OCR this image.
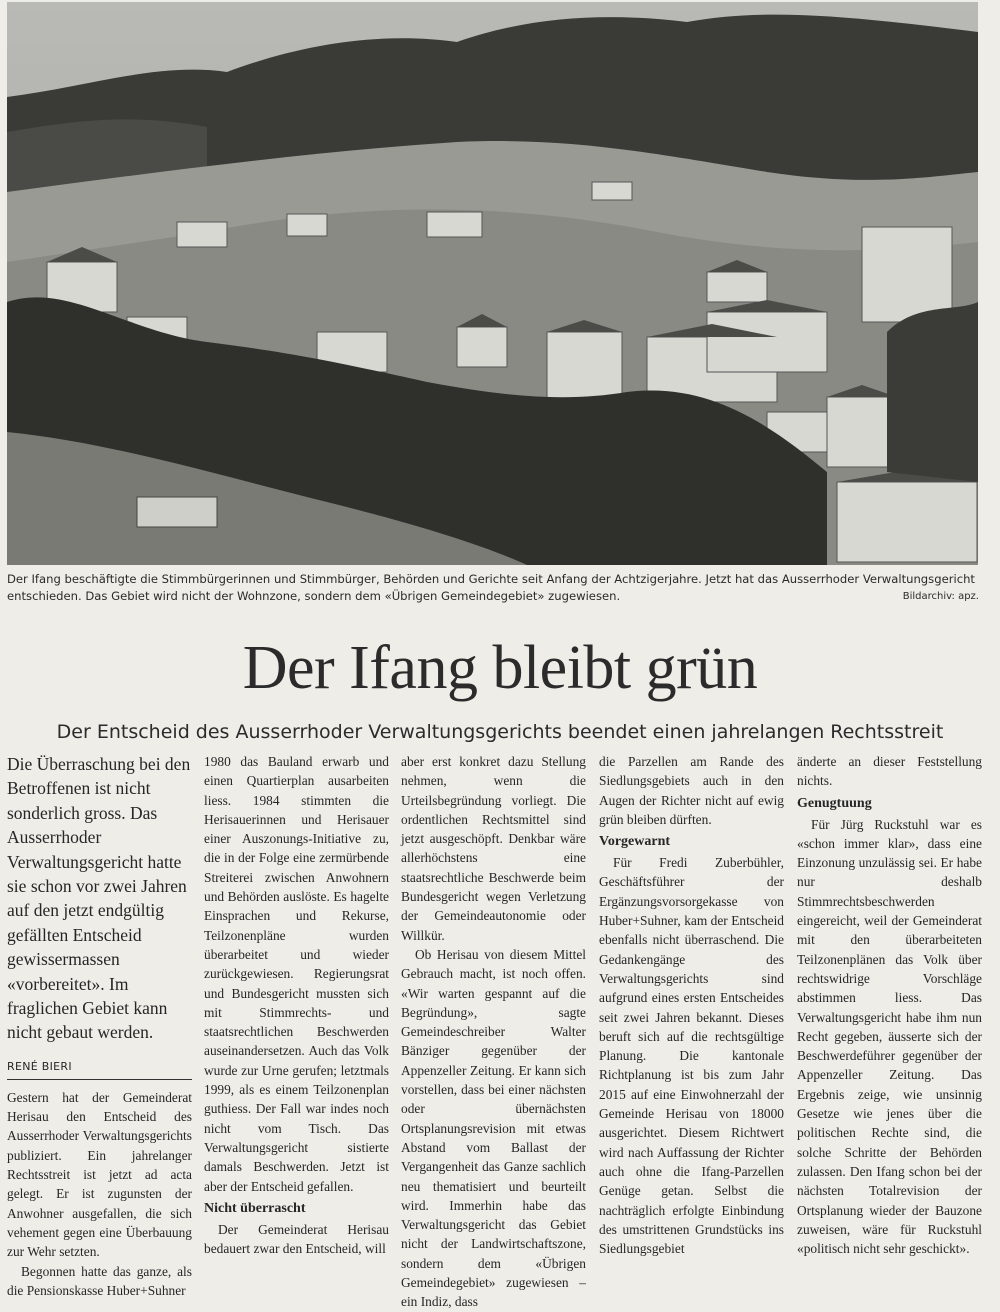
Der Ifang beschäftigte die Stimmbürgerinnen und Stimmbürger, Behörden und Gerichte seit Anfang der Achtzigerjahre. Jetzt hat das Ausserrhoder Verwaltungsgericht entschieden. Das Gebiet wird nicht der Wohnzone, sondern dem «Übrigen Gemeindegebiet» zugewiesen.	Bildarchiv: apz.
Der Ifang bleibt grün
Der Entscheid des Ausserrhoder Verwaltungsgerichts beendet einen jahrelangen Rechtsstreit

Die Überraschung bei den Betroffenen ist nicht sonderlich gross. Das Ausserrhoder Verwaltungsgericht hatte sie schon vor zwei Jahren auf den jetzt endgültig gefällten Entscheid gewissermassen «vorbereitet». Im fraglichen Gebiet kann nicht gebaut werden.

RENÉ BIERI

Gestern hat der Gemeinderat Herisau den Entscheid des Ausserrhoder Verwaltungsgerichts publiziert. Ein jahrelanger Rechtsstreit ist jetzt ad acta gelegt. Er ist zugunsten der Anwohner ausgefallen, die sich vehement gegen eine Überbauung zur Wehr setzten.

Begonnen hatte das ganze, als die Pensionskasse Huber+Suhner

1980 das Bauland erwarb und einen Quartierplan ausarbeiten liess. 1984 stimmten die Herisauerinnen und Herisauer einer Auszonungs-Initiative zu, die in der Folge eine zermürbende Streiterei zwischen Anwohnern und Behörden auslöste. Es hagelte Einsprachen und Rekurse, Teilzonenpläne wurden überarbeitet und wieder zurückgewiesen. Regierungsrat und Bundesgericht mussten sich mit Stimmrechts- und staatsrechtlichen Beschwerden auseinandersetzen. Auch das Volk wurde zur Urne gerufen; letztmals 1999, als es einem Teilzonenplan guthiess. Der Fall war indes noch nicht vom Tisch. Das Verwaltungsgericht sistierte damals Beschwerden. Jetzt ist aber der Entscheid gefallen.

Nicht überrascht

Der Gemeinderat Herisau bedauert zwar den Entscheid, will

aber erst konkret dazu Stellung nehmen, wenn die Urteilsbegründung vorliegt. Die ordentlichen Rechtsmittel sind jetzt ausgeschöpft. Denkbar wäre allerhöchstens eine staatsrechtliche Beschwerde beim Bundesgericht wegen Verletzung der Gemeindeautonomie oder Willkür.

Ob Herisau von diesem Mittel Gebrauch macht, ist noch offen. «Wir warten gespannt auf die Begründung», sagte Gemeindeschreiber Walter Bänziger gegenüber der Appenzeller Zeitung. Er kann sich vorstellen, dass bei einer nächsten oder übernächsten Ortsplanungsrevision mit etwas Abstand vom Ballast der Vergangenheit das Ganze sachlich neu thematisiert und beurteilt wird. Immerhin habe das Verwaltungsgericht das Gebiet nicht der Landwirtschaftszone, sondern dem «Übrigen Gemeindegebiet» zugewiesen – ein Indiz, dass

die Parzellen am Rande des Siedlungsgebiets auch in den Augen der Richter nicht auf ewig grün bleiben dürften.

Vorgewarnt

Für Fredi Zuberbühler, Geschäftsführer der Ergänzungsvorsorgekasse von Huber+Suhner, kam der Entscheid ebenfalls nicht überraschend. Die Gedankengänge des Verwaltungsgerichts sind aufgrund eines ersten Entscheides seit zwei Jahren bekannt. Dieses beruft sich auf die rechtsgültige Planung. Die kantonale Richtplanung ist bis zum Jahr 2015 auf eine Einwohnerzahl der Gemeinde Herisau von 18000 ausgerichtet. Diesem Richtwert wird nach Auffassung der Richter auch ohne die Ifang-Parzellen Genüge getan. Selbst die nachträglich erfolgte Einbindung des umstrittenen Grundstücks ins Siedlungsgebiet

änderte an dieser Feststellung nichts.

Genugtuung

Für Jürg Ruckstuhl war es «schon immer klar», dass eine Einzonung unzulässig sei. Er habe nur deshalb Stimmrechtsbeschwerden eingereicht, weil der Gemeinderat mit den überarbeiteten Teilzonenplänen das Volk über rechtswidrige Vorschläge abstimmen liess. Das Verwaltungsgericht habe ihm nun Recht gegeben, äusserte sich der Beschwerdeführer gegenüber der Appenzeller Zeitung. Das Ergebnis zeige, wie unsinnig Gesetze wie jenes über die politischen Rechte sind, die solche Schritte der Behörden zulassen. Den Ifang schon bei der nächsten Totalrevision der Ortsplanung wieder der Bauzone zuweisen, wäre für Ruckstuhl «politisch nicht sehr geschickt».
